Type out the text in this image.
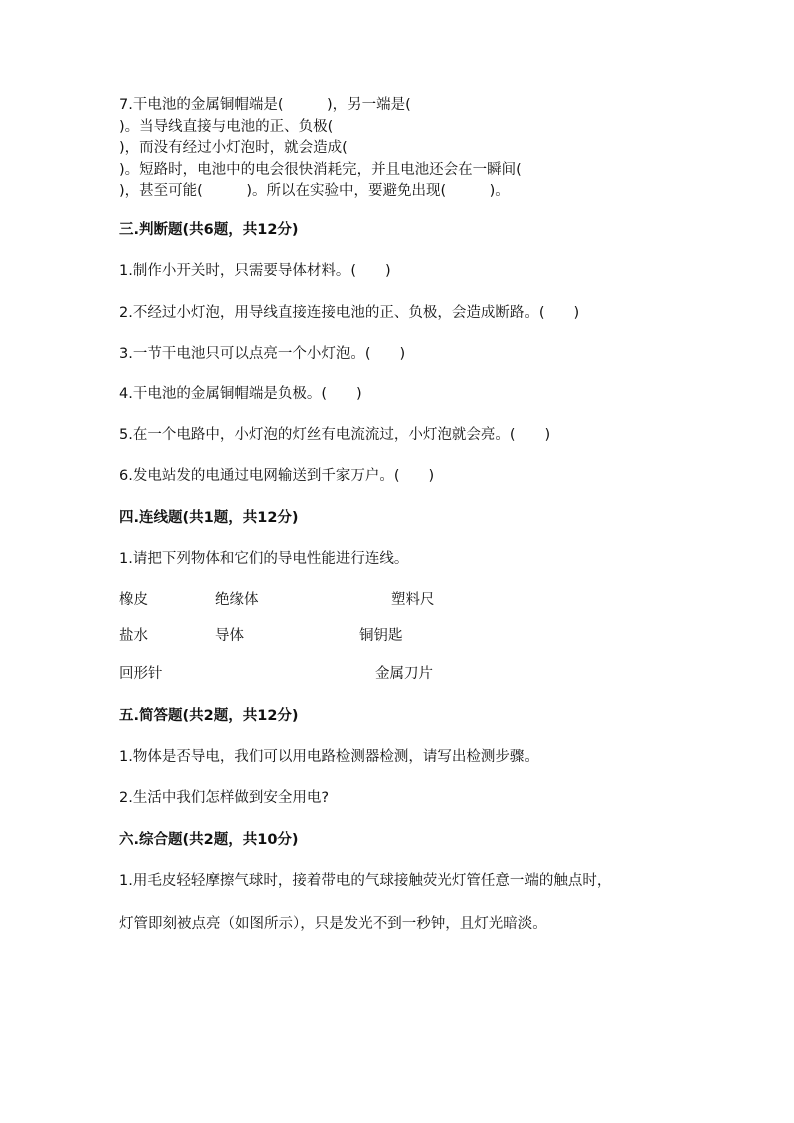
7.干电池的金属铜帽端是(　　　)，另一端是(
)。当导线直接与电池的正、负极(
)，而没有经过小灯泡时，就会造成(
)。短路时，电池中的电会很快消耗完，并且电池还会在一瞬间(
)，甚至可能(　　　)。所以在实验中，要避免出现(　　　)。
三.判断题(共6题，共12分)
1.制作小开关时，只需要导体材料。(　　)
2.不经过小灯泡，用导线直接连接电池的正、负极，会造成断路。(　　)
3.一节干电池只可以点亮一个小灯泡。(　　)
4.干电池的金属铜帽端是负极。(　　)
5.在一个电路中，小灯泡的灯丝有电流流过，小灯泡就会亮。(　　)
6.发电站发的电通过电网输送到千家万户。(　　)
四.连线题(共1题，共12分)
1.请把下列物体和它们的导电性能进行连线。
橡皮	绝缘体	塑料尺
盐水	导体	铜钥匙
回形针	金属刀片
五.简答题(共2题，共12分)
1.物体是否导电，我们可以用电路检测器检测，请写出检测步骤。
2.生活中我们怎样做到安全用电?
六.综合题(共2题，共10分)
1.用毛皮轻轻摩擦气球时，接着带电的气球接触荧光灯管任意一端的触点时，
灯管即刻被点亮（如图所示），只是发光不到一秒钟，且灯光暗淡。
